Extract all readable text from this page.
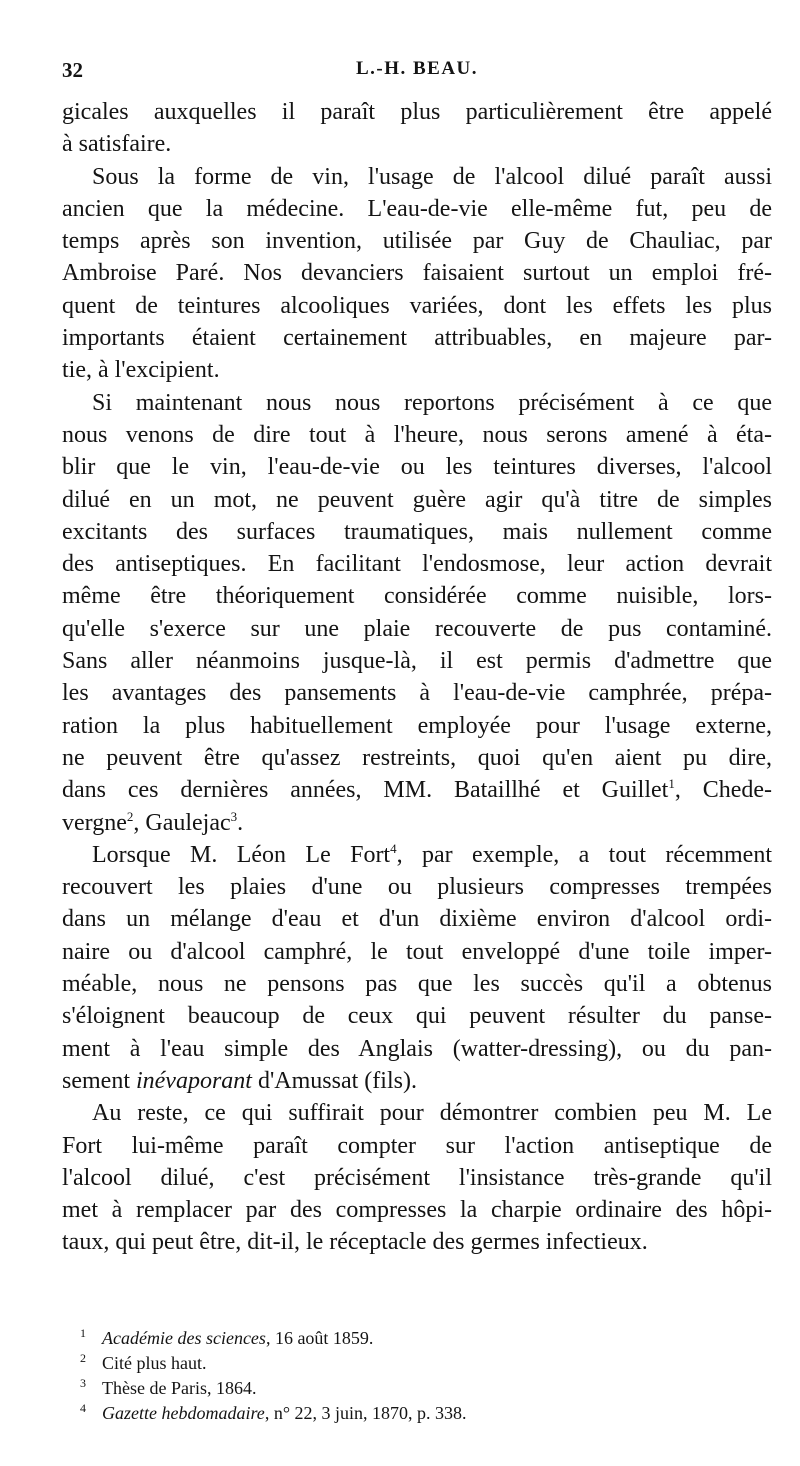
32	L.-H. BEAU.
gicales auxquelles il paraît plus particulièrement être appelé
à satisfaire.
Sous la forme de vin, l'usage de l'alcool dilué paraît aussi
ancien que la médecine. L'eau-de-vie elle-même fut, peu de
temps après son invention, utilisée par Guy de Chauliac, par
Ambroise Paré. Nos devanciers faisaient surtout un emploi fré-
quent de teintures alcooliques variées, dont les effets les plus
importants étaient certainement attribuables, en majeure par-
tie, à l'excipient.
Si maintenant nous nous reportons précisément à ce que
nous venons de dire tout à l'heure, nous serons amené à éta-
blir que le vin, l'eau-de-vie ou les teintures diverses, l'alcool
dilué en un mot, ne peuvent guère agir qu'à titre de simples
excitants des surfaces traumatiques, mais nullement comme
des antiseptiques. En facilitant l'endosmose, leur action devrait
même être théoriquement considérée comme nuisible, lors-
qu'elle s'exerce sur une plaie recouverte de pus contaminé.
Sans aller néanmoins jusque-là, il est permis d'admettre que
les avantages des pansements à l'eau-de-vie camphrée, prépa-
ration la plus habituellement employée pour l'usage externe,
ne peuvent être qu'assez restreints, quoi qu'en aient pu dire,
dans ces dernières années, MM. Bataillhé et Guillet$^1$, Chede-
vergne$^2$, Gaulejac$^3$.
Lorsque M. Léon Le Fort$^4$, par exemple, a tout récemment
recouvert les plaies d'une ou plusieurs compresses trempées
dans un mélange d'eau et d'un dixième environ d'alcool ordi-
naire ou d'alcool camphré, le tout enveloppé d'une toile imper-
méable, nous ne pensons pas que les succès qu'il a obtenus
s'éloignent beaucoup de ceux qui peuvent résulter du panse-
ment à l'eau simple des Anglais (watter-dressing), ou du pan-
sement inévaporant d'Amussat (fils).
Au reste, ce qui suffirait pour démontrer combien peu M. Le
Fort lui-même paraît compter sur l'action antiseptique de
l'alcool dilué, c'est précisément l'insistance très-grande qu'il
met à remplacer par des compresses la charpie ordinaire des hôpi-
taux, qui peut être, dit-il, le réceptacle des germes infectieux.
1 Académie des sciences, 16 août 1859.
2 Cité plus haut.
3 Thèse de Paris, 1864.
4 Gazette hebdomadaire, n° 22, 3 juin, 1870, p. 338.
